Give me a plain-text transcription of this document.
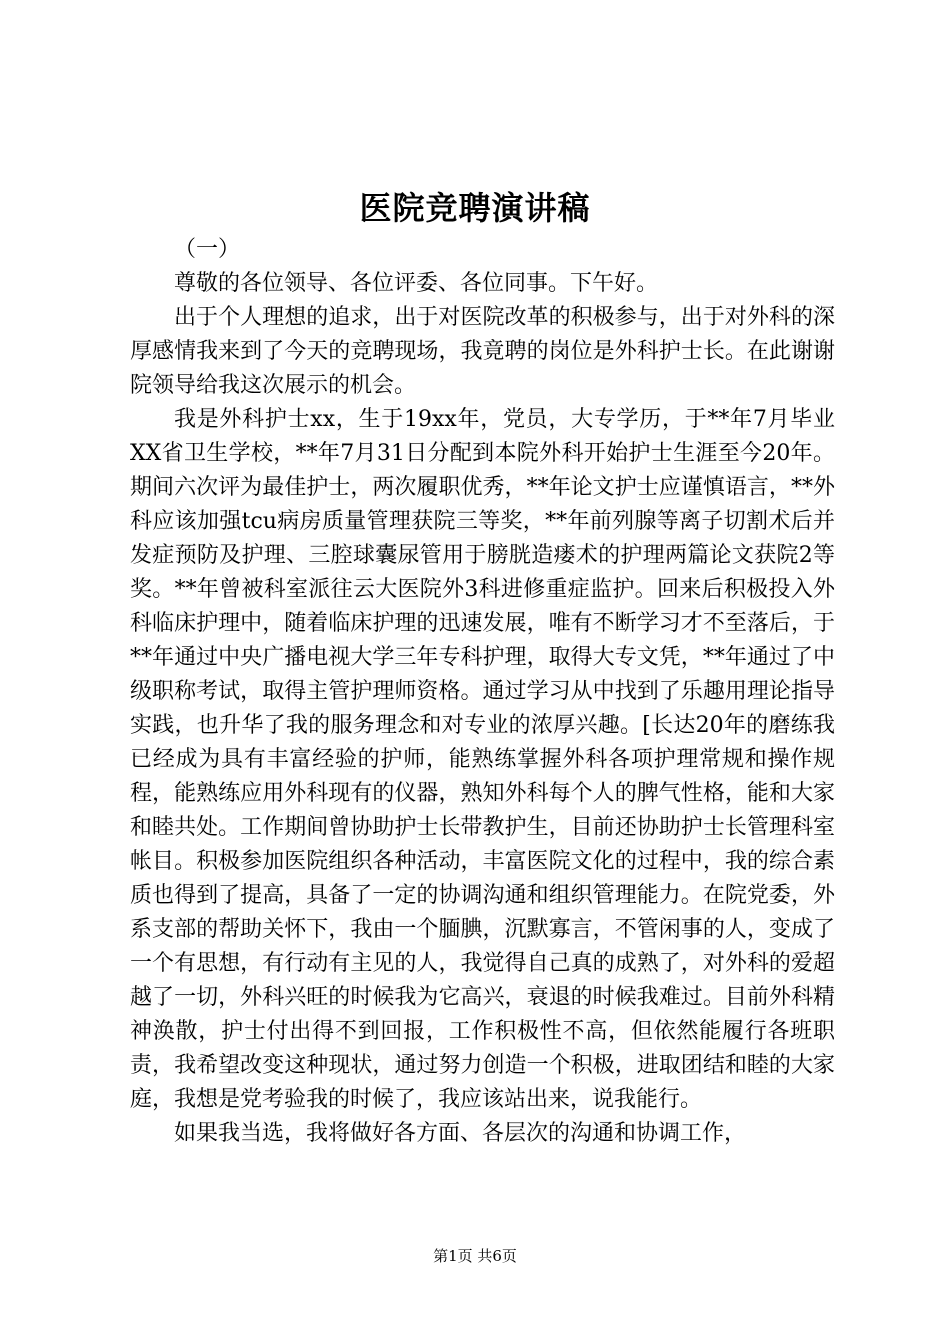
医院竞聘演讲稿

（一）

尊敬的各位领导、各位评委、各位同事。下午好。

出于个人理想的追求，出于对医院改革的积极参与，出于对外科的深厚感情我来到了今天的竞聘现场，我竟聘的岗位是外科护士长。在此谢谢院领导给我这次展示的机会。

我是外科护士xx，生于19xx年，党员，大专学历，于**年7月毕业XX省卫生学校，**年7月31日分配到本院外科开始护士生涯至今20年。期间六次评为最佳护士，两次履职优秀，**年论文护士应谨慎语言，**外科应该加强tcu病房质量管理获院三等奖，**年前列腺等离子切割术后并发症预防及护理、三腔球囊尿管用于膀胱造瘘术的护理两篇论文获院2等奖。**年曾被科室派往云大医院外3科进修重症监护。回来后积极投入外科临床护理中，随着临床护理的迅速发展，唯有不断学习才不至落后，于**年通过中央广播电视大学三年专科护理，取得大专文凭，**年通过了中级职称考试，取得主管护理师资格。通过学习从中找到了乐趣用理论指导实践，也升华了我的服务理念和对专业的浓厚兴趣。[长达20年的磨练我已经成为具有丰富经验的护师，能熟练掌握外科各项护理常规和操作规程，能熟练应用外科现有的仪器，熟知外科每个人的脾气性格，能和大家和睦共处。工作期间曾协助护士长带教护生，目前还协助护士长管理科室帐目。积极参加医院组织各种活动，丰富医院文化的过程中，我的综合素质也得到了提高，具备了一定的协调沟通和组织管理能力。在院党委，外系支部的帮助关怀下，我由一个腼腆，沉默寡言，不管闲事的人，变成了一个有思想，有行动有主见的人，我觉得自己真的成熟了，对外科的爱超越了一切，外科兴旺的时候我为它高兴，衰退的时候我难过。目前外科精神涣散，护士付出得不到回报，工作积极性不高，但依然能履行各班职责，我希望改变这种现状，通过努力创造一个积极，进取团结和睦的大家庭，我想是党考验我的时候了，我应该站出来，说我能行。

如果我当选，我将做好各方面、各层次的沟通和协调工作，

第1页 共6页
